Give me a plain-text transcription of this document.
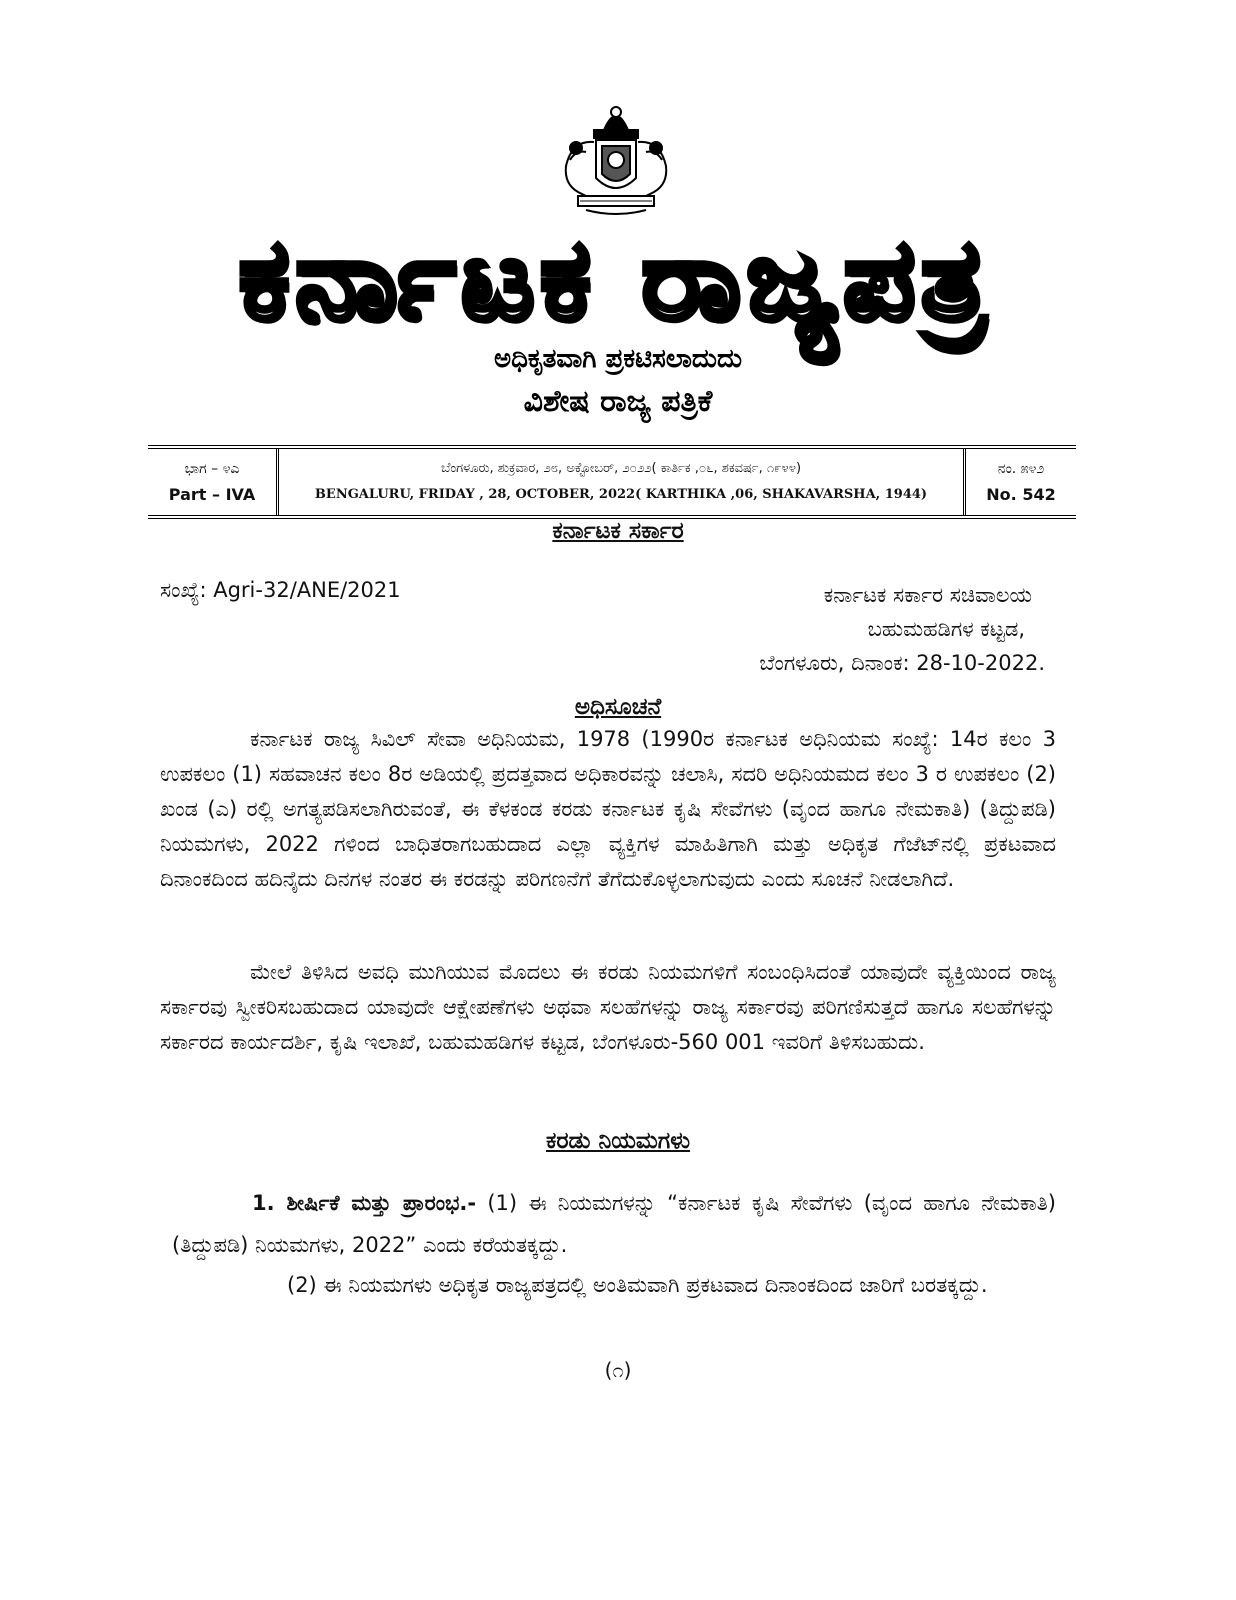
ಕರ್ನಾಟಕ ರಾಜ್ಯಪತ್ರ
ಅಧಿಕೃತವಾಗಿ ಪ್ರಕಟಿಸಲಾದುದು
ವಿಶೇಷ ರಾಜ್ಯ ಪತ್ರಿಕೆ
ಭಾಗ – ೪ಎ
Part – IVA
ಬೆಂಗಳೂರು, ಶುಕ್ರವಾರ, ೨೮, ಅಕ್ಟೋಬರ್, ೨೦೨೨( ಕಾರ್ತಿಕ ,೦೬, ಶಕವರ್ಷ, ೧೯೪೪)
BENGALURU, FRIDAY , 28, OCTOBER, 2022( KARTHIKA ,06, SHAKAVARSHA, 1944)
ನಂ. ೫೪೨
No. 542
ಕರ್ನಾಟಕ ಸರ್ಕಾರ
ಸಂಖ್ಯೆ: Agri-32/ANE/2021	ಕರ್ನಾಟಕ ಸರ್ಕಾರ ಸಚಿವಾಲಯ
ಬಹುಮಹಡಿಗಳ ಕಟ್ಟಡ,
ಬೆಂಗಳೂರು, ದಿನಾಂಕ: 28-10-2022.
ಅಧಿಸೂಚನೆ
ಕರ್ನಾಟಕ ರಾಜ್ಯ ಸಿವಿಲ್ ಸೇವಾ ಅಧಿನಿಯಮ, 1978 (1990ರ ಕರ್ನಾಟಕ ಅಧಿನಿಯಮ ಸಂಖ್ಯೆ: 14ರ ಕಲಂ 3 ಉಪಕಲಂ (1) ಸಹವಾಚನ ಕಲಂ 8ರ ಅಡಿಯಲ್ಲಿ ಪ್ರದತ್ತವಾದ ಅಧಿಕಾರವನ್ನು ಚಲಾಸಿ, ಸದರಿ ಅಧಿನಿಯಮದ ಕಲಂ 3 ರ ಉಪಕಲಂ (2) ಖಂಡ (ಎ) ರಲ್ಲಿ ಅಗತ್ಯಪಡಿಸಲಾಗಿರುವಂತೆ, ಈ ಕೆಳಕಂಡ ಕರಡು ಕರ್ನಾಟಕ ಕೃಷಿ ಸೇವೆಗಳು (ವೃಂದ ಹಾಗೂ ನೇಮಕಾತಿ) (ತಿದ್ದುಪಡಿ) ನಿಯಮಗಳು, 2022 ಗಳಿಂದ ಬಾಧಿತರಾಗಬಹುದಾದ ಎಲ್ಲಾ ವ್ಯಕ್ತಿಗಳ ಮಾಹಿತಿಗಾಗಿ ಮತ್ತು ಅಧಿಕೃತ ಗೆಜೆಟ್‌ನಲ್ಲಿ ಪ್ರಕಟವಾದ ದಿನಾಂಕದಿಂದ ಹದಿನೈದು ದಿನಗಳ ನಂತರ ಈ ಕರಡನ್ನು ಪರಿಗಣನೆಗೆ ತೆಗೆದುಕೊಳ್ಳಲಾಗುವುದು ಎಂದು ಸೂಚನೆ ನೀಡಲಾಗಿದೆ.
ಮೇಲೆ ತಿಳಿಸಿದ ಅವಧಿ ಮುಗಿಯುವ ಮೊದಲು ಈ ಕರಡು ನಿಯಮಗಳಿಗೆ ಸಂಬಂಧಿಸಿದಂತೆ ಯಾವುದೇ ವ್ಯಕ್ತಿಯಿಂದ ರಾಜ್ಯ ಸರ್ಕಾರವು ಸ್ವೀಕರಿಸಬಹುದಾದ ಯಾವುದೇ ಆಕ್ಷೇಪಣೆಗಳು ಅಥವಾ ಸಲಹೆಗಳನ್ನು ರಾಜ್ಯ ಸರ್ಕಾರವು ಪರಿಗಣಿಸುತ್ತದೆ ಹಾಗೂ ಸಲಹೆಗಳನ್ನು ಸರ್ಕಾರದ ಕಾರ್ಯದರ್ಶಿ, ಕೃಷಿ ಇಲಾಖೆ, ಬಹುಮಹಡಿಗಳ ಕಟ್ಟಡ, ಬೆಂಗಳೂರು-560 001 ಇವರಿಗೆ ತಿಳಿಸಬಹುದು.
ಕರಡು ನಿಯಮಗಳು
1. ಶೀರ್ಷಿಕೆ ಮತ್ತು ಪ್ರಾರಂಭ.- (1) ಈ ನಿಯಮಗಳನ್ನು “ಕರ್ನಾಟಕ ಕೃಷಿ ಸೇವೆಗಳು (ವೃಂದ ಹಾಗೂ ನೇಮಕಾತಿ) (ತಿದ್ದುಪಡಿ) ನಿಯಮಗಳು, 2022” ಎಂದು ಕರೆಯತಕ್ಕದ್ದು.
(2) ಈ ನಿಯಮಗಳು ಅಧಿಕೃತ ರಾಜ್ಯಪತ್ರದಲ್ಲಿ ಅಂತಿಮವಾಗಿ ಪ್ರಕಟವಾದ ದಿನಾಂಕದಿಂದ ಜಾರಿಗೆ ಬರತಕ್ಕದ್ದು.
(೧)
